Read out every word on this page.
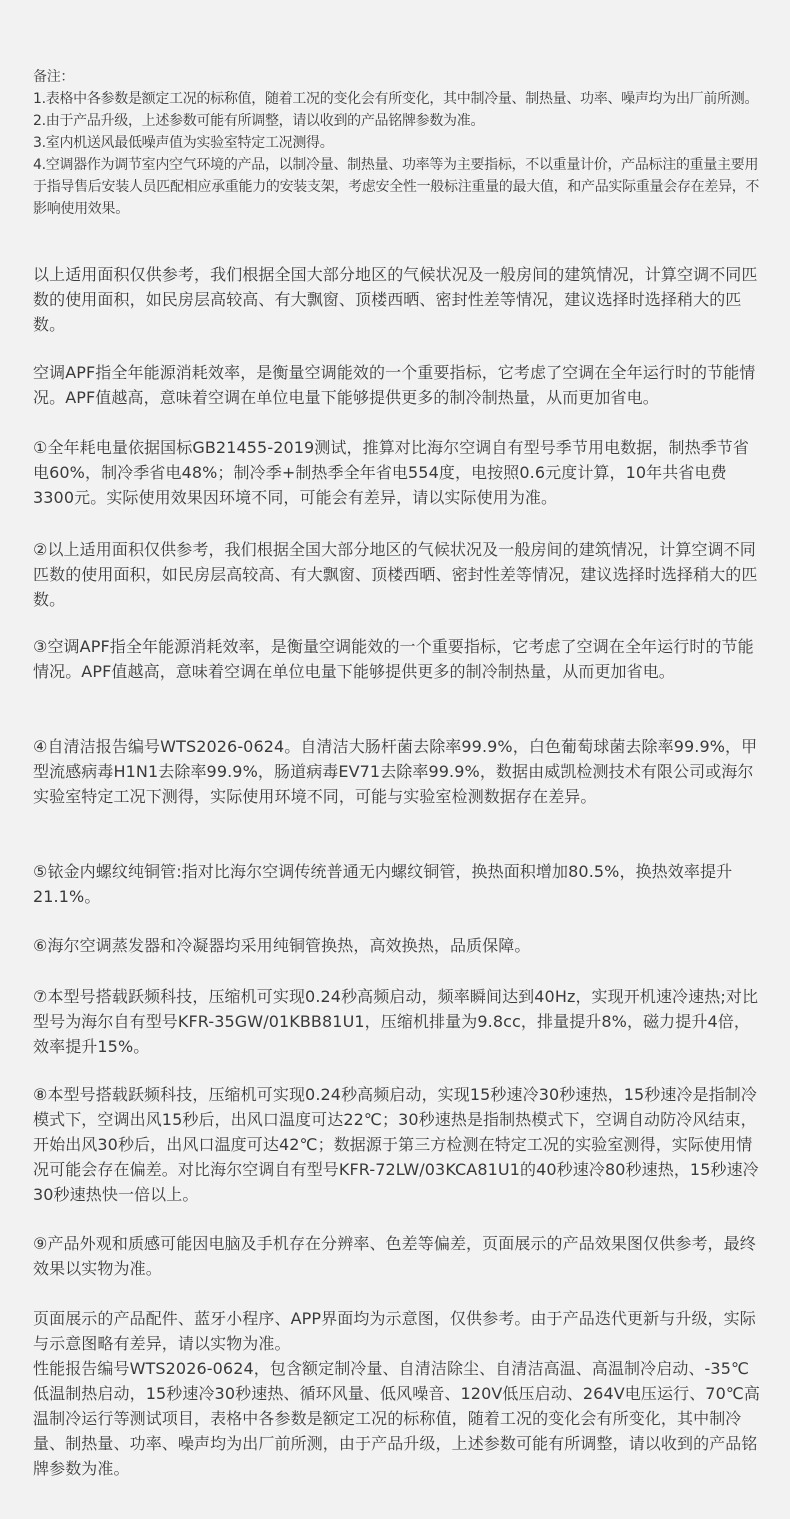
备注：

1.表格中各参数是额定工况的标称值，随着工况的变化会有所变化，其中制冷量、制热量、功率、噪声均为出厂前所测。

2.由于产品升级，上述参数可能有所调整，请以收到的产品铭牌参数为准。

3.室内机送风最低噪声值为实验室特定工况测得。

4.空调器作为调节室内空气环境的产品，以制冷量、制热量、功率等为主要指标，不以重量计价，产品标注的重量主要用于指导售后安装人员匹配相应承重能力的安装支架，考虑安全性一般标注重量的最大值，和产品实际重量会存在差异，不影响使用效果。

以上适用面积仅供参考，我们根据全国大部分地区的气候状况及一般房间的建筑情况，计算空调不同匹数的使用面积，如民房层高较高、有大飘窗、顶楼西晒、密封性差等情况，建议选择时选择稍大的匹数。

空调APF指全年能源消耗效率，是衡量空调能效的一个重要指标，它考虑了空调在全年运行时的节能情况。APF值越高，意味着空调在单位电量下能够提供更多的制冷制热量，从而更加省电。

①全年耗电量依据国标GB21455-2019测试，推算对比海尔空调自有型号季节用电数据，制热季节省电60%，制冷季省电48%；制冷季+制热季全年省电554度，电按照0.6元度计算，10年共省电费3300元。实际使用效果因环境不同，可能会有差异，请以实际使用为准。

②以上适用面积仅供参考，我们根据全国大部分地区的气候状况及一般房间的建筑情况，计算空调不同匹数的使用面积，如民房层高较高、有大飘窗、顶楼西晒、密封性差等情况，建议选择时选择稍大的匹数。

③空调APF指全年能源消耗效率，是衡量空调能效的一个重要指标，它考虑了空调在全年运行时的节能情况。APF值越高，意味着空调在单位电量下能够提供更多的制冷制热量，从而更加省电。

④自清洁报告编号WTS2026-0624。自清洁大肠杆菌去除率99.9%，白色葡萄球菌去除率99.9%，甲型流感病毒H1N1去除率99.9%，肠道病毒EV71去除率99.9%，数据由威凯检测技术有限公司或海尔实验室特定工况下测得，实际使用环境不同，可能与实验室检测数据存在差异。

⑤铱金内螺纹纯铜管:指对比海尔空调传统普通无内螺纹铜管，换热面积增加80.5%，换热效率提升21.1%。

⑥海尔空调蒸发器和冷凝器均采用纯铜管换热，高效换热，品质保障。

⑦本型号搭载跃频科技，压缩机可实现0.24秒高频启动，频率瞬间达到40Hz，实现开机速冷速热;对比型号为海尔自有型号KFR-35GW/01KBB81U1，压缩机排量为9.8cc，排量提升8%，磁力提升4倍，效率提升15%。

⑧本型号搭载跃频科技，压缩机可实现0.24秒高频启动，实现15秒速冷30秒速热，15秒速冷是指制冷模式下，空调出风15秒后，出风口温度可达22℃；30秒速热是指制热模式下，空调自动防冷风结束，开始出风30秒后，出风口温度可达42℃；数据源于第三方检测在特定工况的实验室测得，实际使用情况可能会存在偏差。对比海尔空调自有型号KFR-72LW/03KCA81U1的40秒速冷80秒速热，15秒速冷30秒速热快一倍以上。

⑨产品外观和质感可能因电脑及手机存在分辨率、色差等偏差，页面展示的产品效果图仅供参考，最终效果以实物为准。

页面展示的产品配件、蓝牙小程序、APP界面均为示意图，仅供参考。由于产品迭代更新与升级，实际与示意图略有差异，请以实物为准。

性能报告编号WTS2026-0624，包含额定制冷量、自清洁除尘、自清洁高温、高温制冷启动、-35℃低温制热启动，15秒速冷30秒速热、循环风量、低风噪音、120V低压启动、264V电压运行、70℃高温制冷运行等测试项目，表格中各参数是额定工况的标称值，随着工况的变化会有所变化，其中制冷量、制热量、功率、噪声均为出厂前所测，由于产品升级，上述参数可能有所调整，请以收到的产品铭牌参数为准。
